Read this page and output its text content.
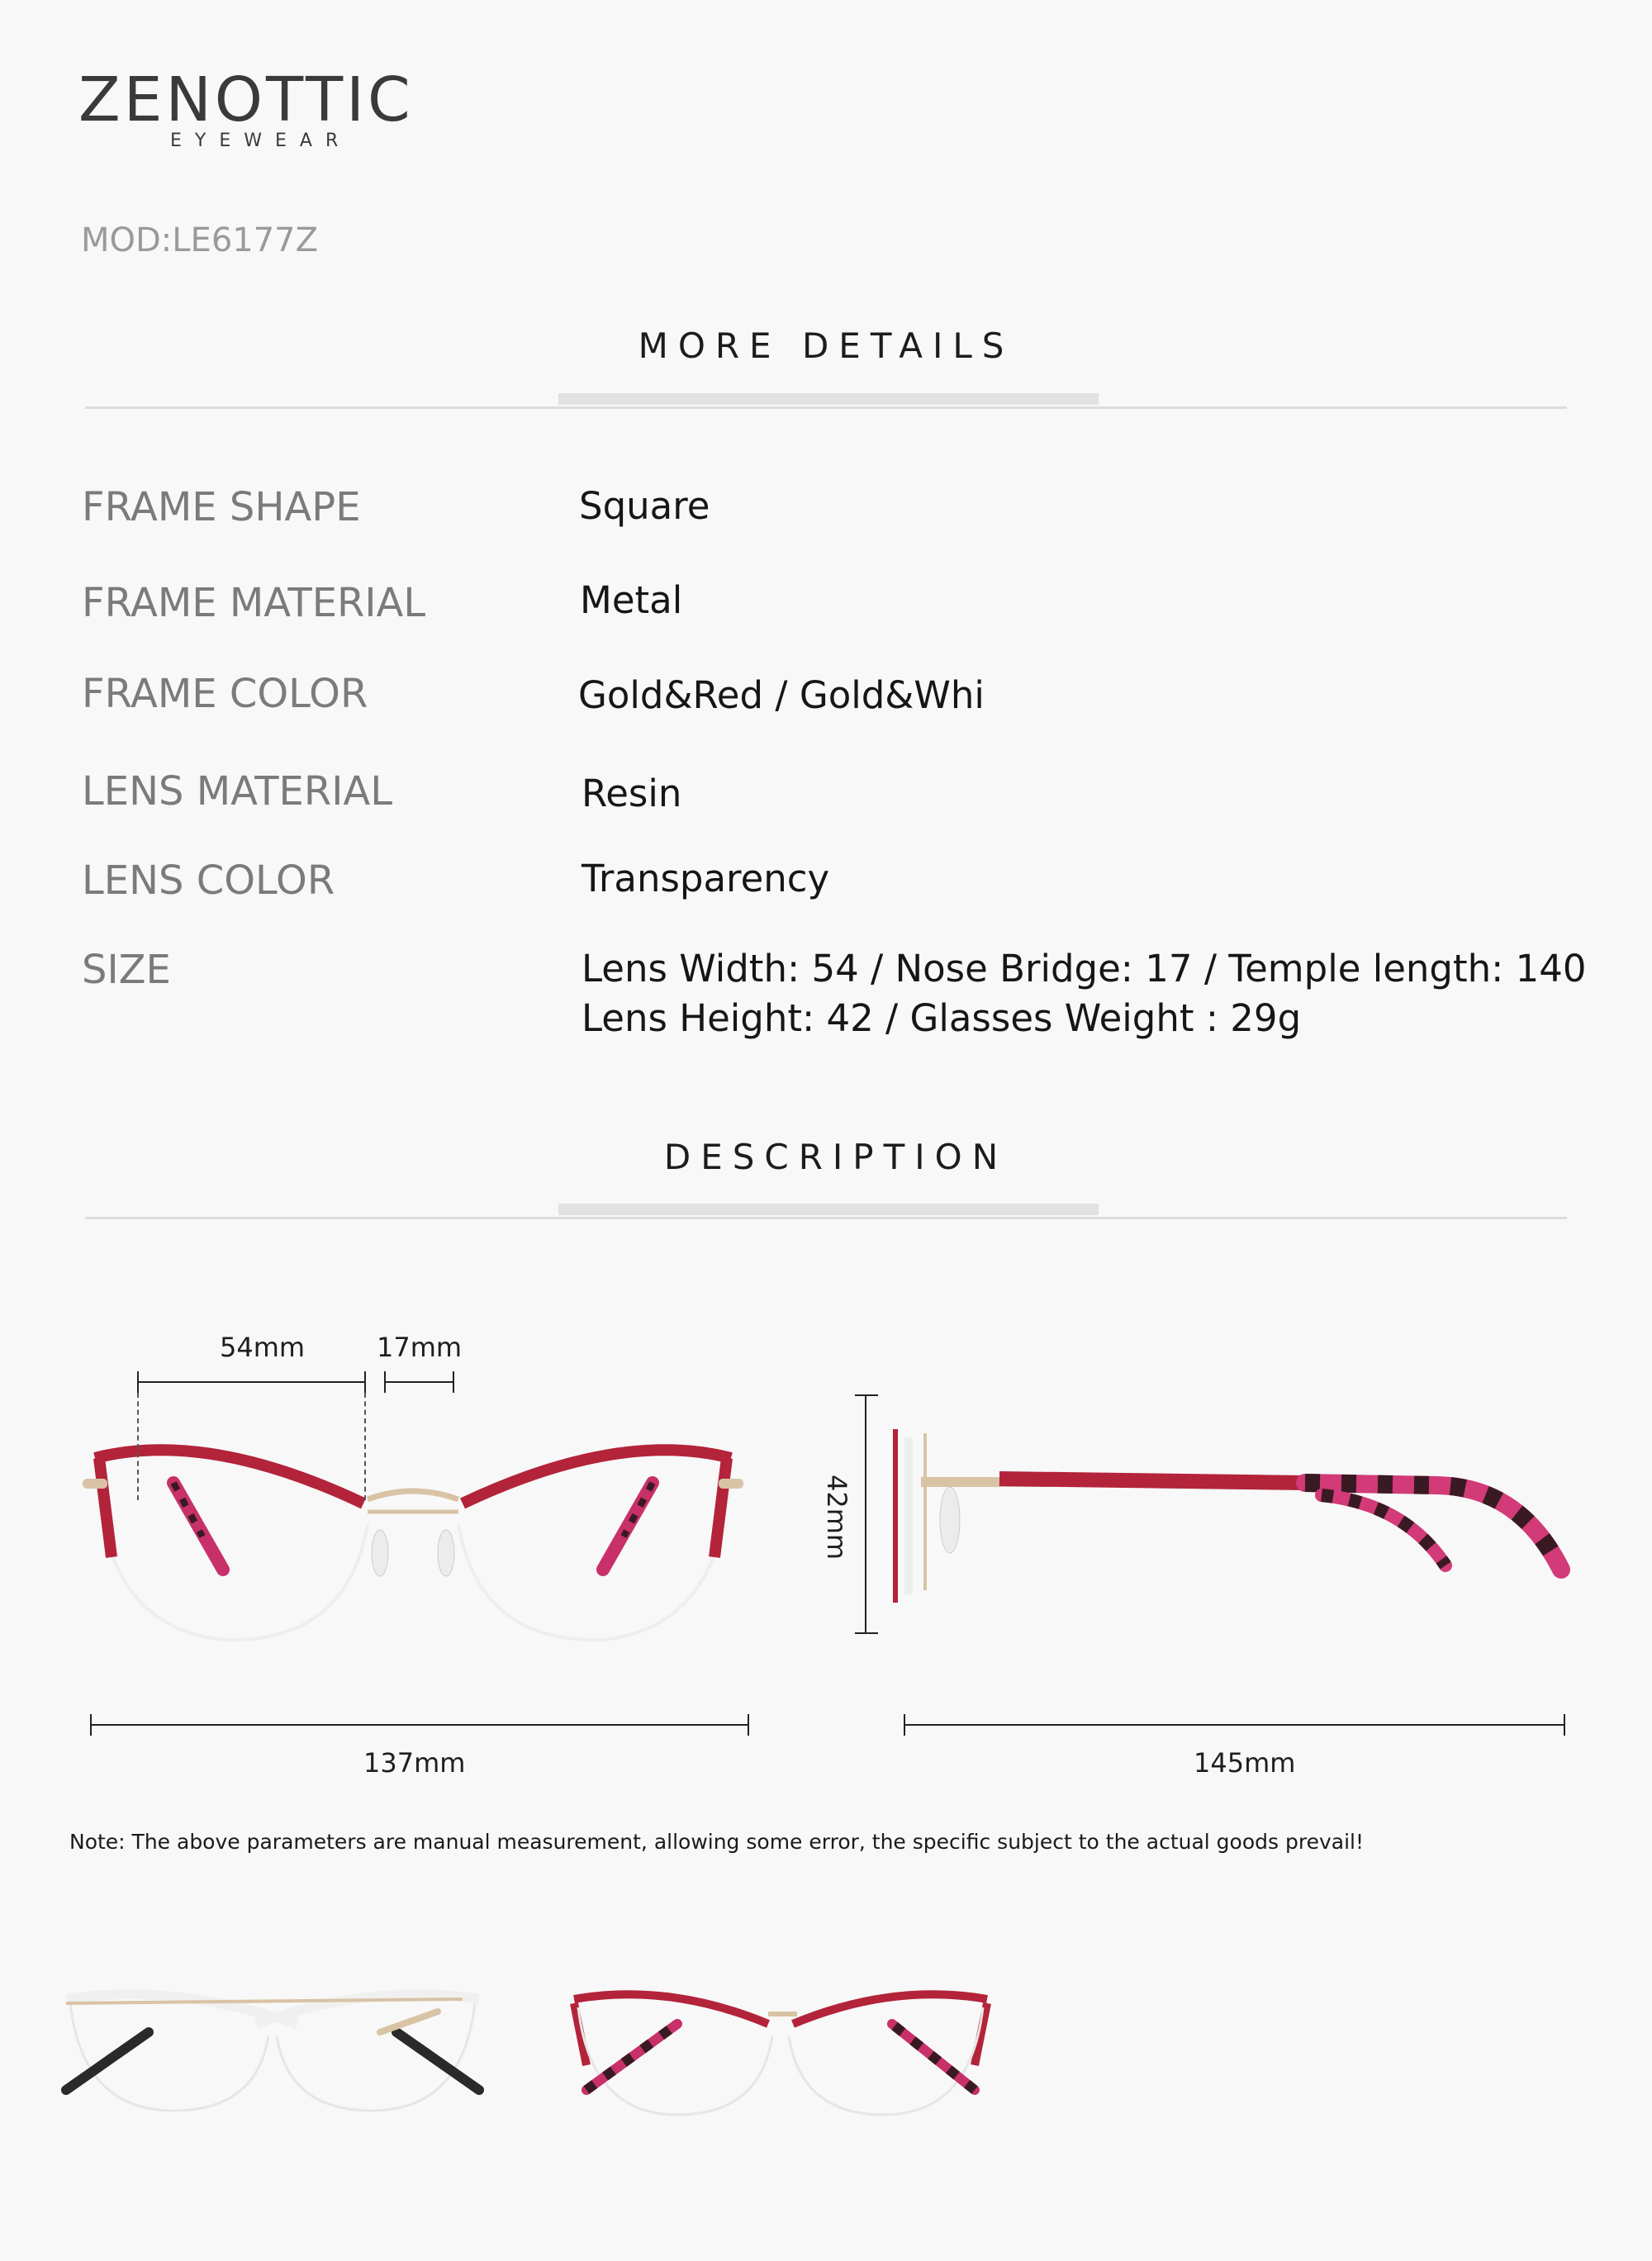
ZENOTTIC
EYEWEAR
MOD:LE6177Z
MORE DETAILS
FRAME SHAPE	Square
FRAME MATERIAL	Metal
FRAME COLOR	Gold&Red / Gold&Whi
LENS MATERIAL	Resin
LENS COLOR	Transparency
SIZE	Lens Width: 54 / Nose Bridge: 17 / Temple length: 140
Lens Height: 42 / Glasses Weight : 29g
DESCRIPTION
54mm	17mm
42mm
137mm	145mm
Note: The above parameters are manual measurement, allowing some error, the specific subject to the actual goods prevail!
